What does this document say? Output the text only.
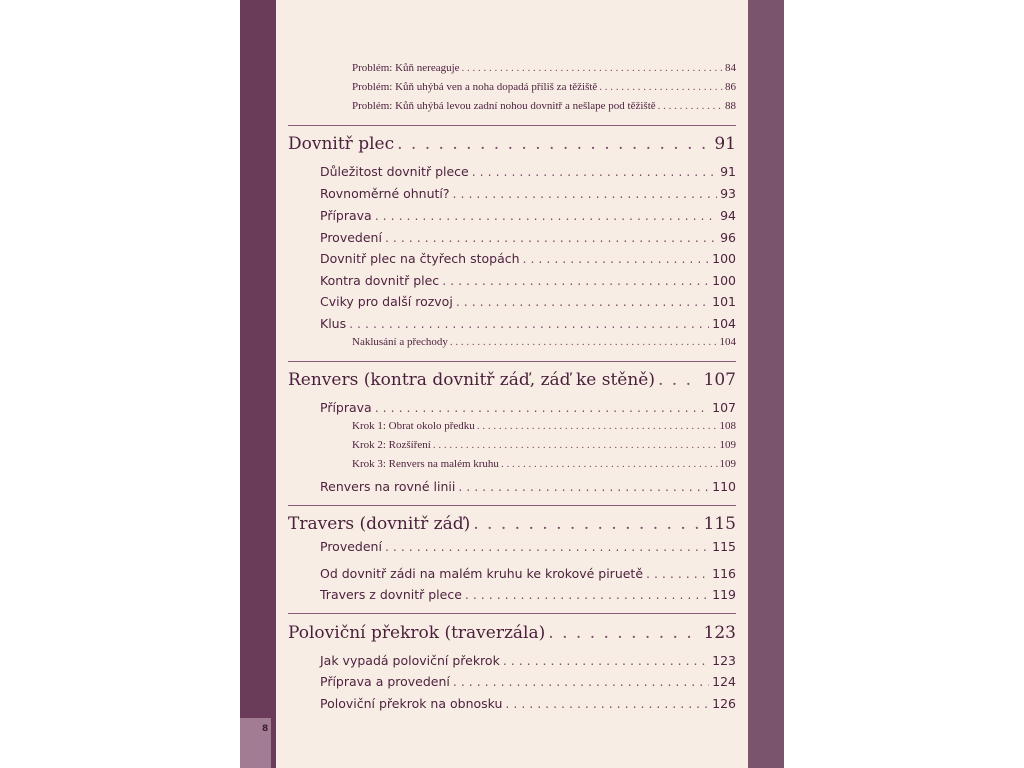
8
Problém: Kůň nereaguje . . .	84
Problém: Kůň uhýbá ven a noha dopadá příliš za těžiště . . .	86
Problém: Kůň uhýbá levou zadní nohou dovnitř a nešlape pod těžiště . . .	88
Dovnitř plec . . .	91
Důležitost dovnitř plece . . .	91
Rovnoměrné ohnutí? . . .	93
Příprava . . .	94
Provedení . . .	96
Dovnitř plec na čtyřech stopách . . .	100
Kontra dovnitř plec . . .	100
Cviky pro další rozvoj . . .	101
Klus . . .	104
Naklusání a přechody . . .	104
Renvers (kontra dovnitř záď, záď ke stěně) . . .	107
Příprava . . .	107
Krok 1: Obrat okolo předku . . .	108
Krok 2: Rozšíření . . .	109
Krok 3: Renvers na malém kruhu . . .	109
Renvers na rovné linii . . .	110
Travers (dovnitř záď) . . .	115
Provedení . . .	115
Od dovnitř zádi na malém kruhu ke krokové piruetě . . .	116
Travers z dovnitř plece . . .	119
Poloviční překrok (traverzála) . . .	123
Jak vypadá poloviční překrok . . .	123
Příprava a provedení . . .	124
Poloviční překrok na obnosku . . .	126
